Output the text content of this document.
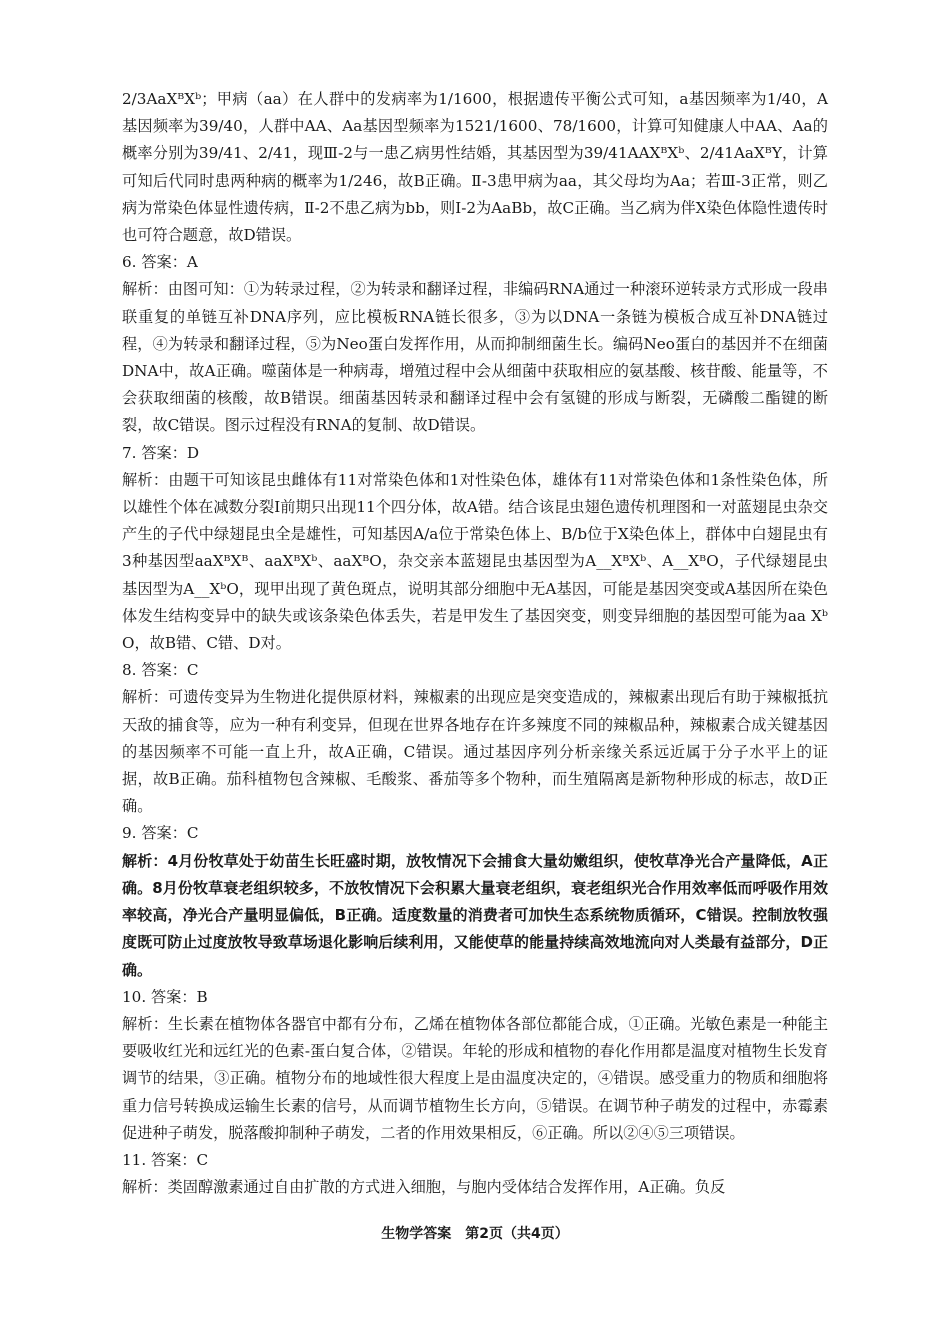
2/3AaXᴮXᵇ；甲病（aa）在人群中的发病率为1/1600，根据遗传平衡公式可知，a基因频率为1/40，A基因频率为39/40，人群中AA、Aa基因型频率为1521/1600、78/1600，计算可知健康人中AA、Aa的概率分别为39/41、2/41，现Ⅲ-2与一患乙病男性结婚，其基因型为39/41AAXᴮXᵇ、2/41AaXᴮY，计算可知后代同时患两种病的概率为1/246，故B正确。Ⅱ-3患甲病为aa，其父母均为Aa；若Ⅲ-3正常，则乙病为常染色体显性遗传病，Ⅱ-2不患乙病为bb，则Ⅰ-2为AaBb，故C正确。当乙病为伴X染色体隐性遗传时也可符合题意，故D错误。

6. 答案：A

解析：由图可知：①为转录过程，②为转录和翻译过程，非编码RNA通过一种滚环逆转录方式形成一段串联重复的单链互补DNA序列，应比模板RNA链长很多，③为以DNA一条链为模板合成互补DNA链过程，④为转录和翻译过程，⑤为Neo蛋白发挥作用，从而抑制细菌生长。编码Neo蛋白的基因并不在细菌DNA中，故A正确。噬菌体是一种病毒，增殖过程中会从细菌中获取相应的氨基酸、核苷酸、能量等，不会获取细菌的核酸，故B错误。细菌基因转录和翻译过程中会有氢键的形成与断裂，无磷酸二酯键的断裂，故C错误。图示过程没有RNA的复制、故D错误。

7. 答案：D

解析：由题干可知该昆虫雌体有11对常染色体和1对性染色体，雄体有11对常染色体和1条性染色体，所以雄性个体在减数分裂Ⅰ前期只出现11个四分体，故A错。结合该昆虫翅色遗传机理图和一对蓝翅昆虫杂交产生的子代中绿翅昆虫全是雄性，可知基因A/a位于常染色体上、B/b位于X染色体上，群体中白翅昆虫有3种基因型aaXᴮXᴮ、aaXᴮXᵇ、aaXᴮO，杂交亲本蓝翅昆虫基因型为A__XᴮXᵇ、A__XᴮO，子代绿翅昆虫基因型为A__XᵇO，现甲出现了黄色斑点，说明其部分细胞中无A基因，可能是基因突变或A基因所在染色体发生结构变异中的缺失或该条染色体丢失，若是甲发生了基因突变，则变异细胞的基因型可能为aa XᵇO，故B错、C错、D对。

8. 答案：C

解析：可遗传变异为生物进化提供原材料，辣椒素的出现应是突变造成的，辣椒素出现后有助于辣椒抵抗天敌的捕食等，应为一种有利变异，但现在世界各地存在许多辣度不同的辣椒品种，辣椒素合成关键基因的基因频率不可能一直上升，故A正确，C错误。通过基因序列分析亲缘关系远近属于分子水平上的证据，故B正确。茄科植物包含辣椒、毛酸浆、番茄等多个物种，而生殖隔离是新物种形成的标志，故D正确。

9. 答案：C

解析：4月份牧草处于幼苗生长旺盛时期，放牧情况下会捕食大量幼嫩组织，使牧草净光合产量降低，A正确。8月份牧草衰老组织较多，不放牧情况下会积累大量衰老组织，衰老组织光合作用效率低而呼吸作用效率较高，净光合产量明显偏低，B正确。适度数量的消费者可加快生态系统物质循环，C错误。控制放牧强度既可防止过度放牧导致草场退化影响后续利用，又能使草的能量持续高效地流向对人类最有益部分，D正确。

10. 答案：B

解析：生长素在植物体各器官中都有分布，乙烯在植物体各部位都能合成，①正确。光敏色素是一种能主要吸收红光和远红光的色素-蛋白复合体，②错误。年轮的形成和植物的春化作用都是温度对植物生长发育调节的结果，③正确。植物分布的地域性很大程度上是由温度决定的，④错误。感受重力的物质和细胞将重力信号转换成运输生长素的信号，从而调节植物生长方向，⑤错误。在调节种子萌发的过程中，赤霉素促进种子萌发，脱落酸抑制种子萌发，二者的作用效果相反，⑥正确。所以②④⑤三项错误。

11. 答案：C

解析：类固醇激素通过自由扩散的方式进入细胞，与胞内受体结合发挥作用，A正确。负反

生物学答案　第2页（共4页）
